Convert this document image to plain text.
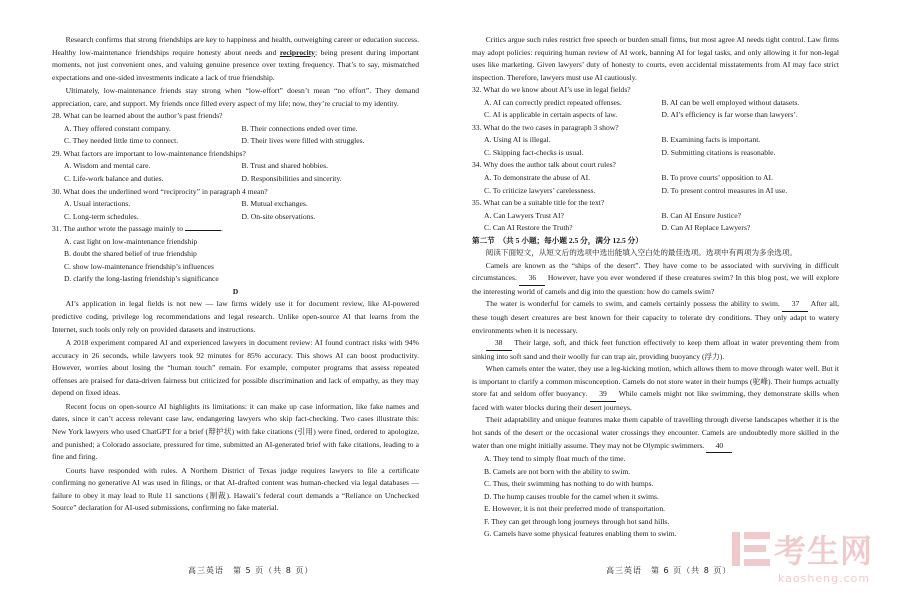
Research confirms that strong friendships are key to happiness and health, outweighing career or education success. Healthy low-maintenance friendships require honesty about needs and reciprocity; being present during important moments, not just convenient ones, and valuing genuine presence over texting frequency. That’s to say, mismatched expectations and one-sided investments indicate a lack of true friendship.

Ultimately, low-maintenance friends stay strong when “low-effort” doesn’t mean “no effort”. They demand appreciation, care, and support. My friends once filled every aspect of my life; now, they’re crucial to my identity.

28. What can be learned about the author’s past friends?

A. They offered constant company.	B. Their connections ended over time.
C. They needed little time to connect.	D. Their lives were filled with struggles.

29. What factors are important to low-maintenance friendships?

A. Wisdom and mental care.	B. Trust and shared hobbies.
C. Life-work balance and duties.	D. Responsibilities and sincerity.

30. What does the underlined word “reciprocity” in paragraph 4 mean?

A. Usual interactions.	B. Mutual exchanges.
C. Long-term schedules.	D. On-site observations.

31. The author wrote the passage mainly to	.

A. cast light on low-maintenance friendship
B. doubt the shared belief of true friendship
C. show low-maintenance friendship’s influences
D. clarify the long-lasting friendship’s significance

D

AI’s application in legal fields is not new — law firms widely use it for document review, like AI-powered predictive coding, privilege log recommendations and legal research. Unlike open-source AI that learns from the Internet, such tools only rely on provided datasets and instructions.

A 2018 experiment compared AI and experienced lawyers in document review: AI found contract risks with 94% accuracy in 26 seconds, while lawyers took 92 minutes for 85% accuracy. This shows AI can boost productivity. However, worries about losing the “human touch” remain. For example, computer programs that assess repeated offenses are praised for data-driven fairness but criticized for possible discrimination and lack of empathy, as they may depend on fixed ideas.

Recent focus on open-source AI highlights its limitations: it can make up case information, like fake names and dates, since it can’t access relevant case law, endangering lawyers who skip fact-checking. Two cases illustrate this: New York lawyers who used ChatGPT for a brief (辩护状) with fake citations (引用) were fined, ordered to apologize, and punished; a Colorado associate, pressured for time, submitted an AI-generated brief with fake citations, leading to a fine and firing.

Courts have responded with rules. A Northern District of Texas judge requires lawyers to file a certificate confirming no generative AI was used in filings, or that AI-drafted content was human-checked via legal databases — failure to obey it may lead to Rule 11 sanctions (制裁). Hawaii’s federal court demands a “Reliance on Unchecked Source” declaration for AI-used submissions, confirming no fake material.

Critics argue such rules restrict free speech or burden small firms, but most agree AI needs tight control. Law firms may adopt policies: requiring human review of AI work, banning AI for legal tasks, and only allowing it for non-legal uses like marketing. Given lawyers’ duty of honesty to courts, even accidental misstatements from AI may face strict inspection. Therefore, lawyers must use AI cautiously.

32. What do we know about AI’s use in legal fields?

A. AI can correctly predict repeated offenses.	B. AI can be well employed without datasets.
C. AI is applicable in certain aspects of law.	D. AI’s efficiency is far worse than lawyers’.

33. What do the two cases in paragraph 3 show?

A. Using AI is illegal.	B. Examining facts is important.
C. Skipping fact-checks is usual.	D. Submitting citations is reasonable.

34. Why does the author talk about court rules?

A. To demonstrate the abuse of AI.	B. To prove courts’ opposition to AI.
C. To criticize lawyers’ carelessness.	D. To present control measures in AI use.

35. What can be a suitable title for the text?

A. Can Lawyers Trust AI?	B. Can AI Ensure Justice?
C. Can AI Restore the Truth?	D. Can AI Replace Lawyers?

第二节　（共 5 小题；每小题 2.5 分，满分 12.5 分）

阅读下面短文，从短文后的选项中选出能填入空白处的最佳选项。选项中有两项为多余选项。

Camels are known as the “ships of the desert”. They have come to be associated with surviving in difficult circumstances. 36 However, have you ever wondered if these creatures swim? In this blog post, we will explore the interesting world of camels and dig into the question: how do camels swim?

The water is wonderful for camels to swim, and camels certainly possess the ability to swim. 37 After all, these tough desert creatures are best known for their capacity to tolerate dry conditions. They only adapt to watery environments when it is necessary.

38 Their large, soft, and thick feet function effectively to keep them afloat in water preventing them from sinking into soft sand and their woolly fur can trap air, providing buoyancy (浮力).

When camels enter the water, they use a leg-kicking motion, which allows them to move through water well. But it is important to clarify a common misconception. Camels do not store water in their humps (驼峰). Their humps actually store fat and seldom offer buoyancy. 39 While camels might not like swimming, they demonstrate skills when faced with water blocks during their desert journeys.

Their adaptability and unique features make them capable of travelling through diverse landscapes whether it is the hot sands of the desert or the occasional water crossings they encounter. Camels are undoubtedly more skilled in the water than one might initially assume. They may not be Olympic swimmers. 40

A. They tend to simply float much of the time.
B. Camels are not born with the ability to swim.
C. Thus, their swimming has nothing to do with humps.
D. The hump causes trouble for the camel when it swims.
E. However, it is not their preferred mode of transportation.
F. They can get through long journeys through hot sand hills.
G. Camels have some physical features enabling them to swim.
高三英语　第 5 页（共 8 页）	高三英语　第 6 页（共 8 页）
考生网
kaosheng.com
